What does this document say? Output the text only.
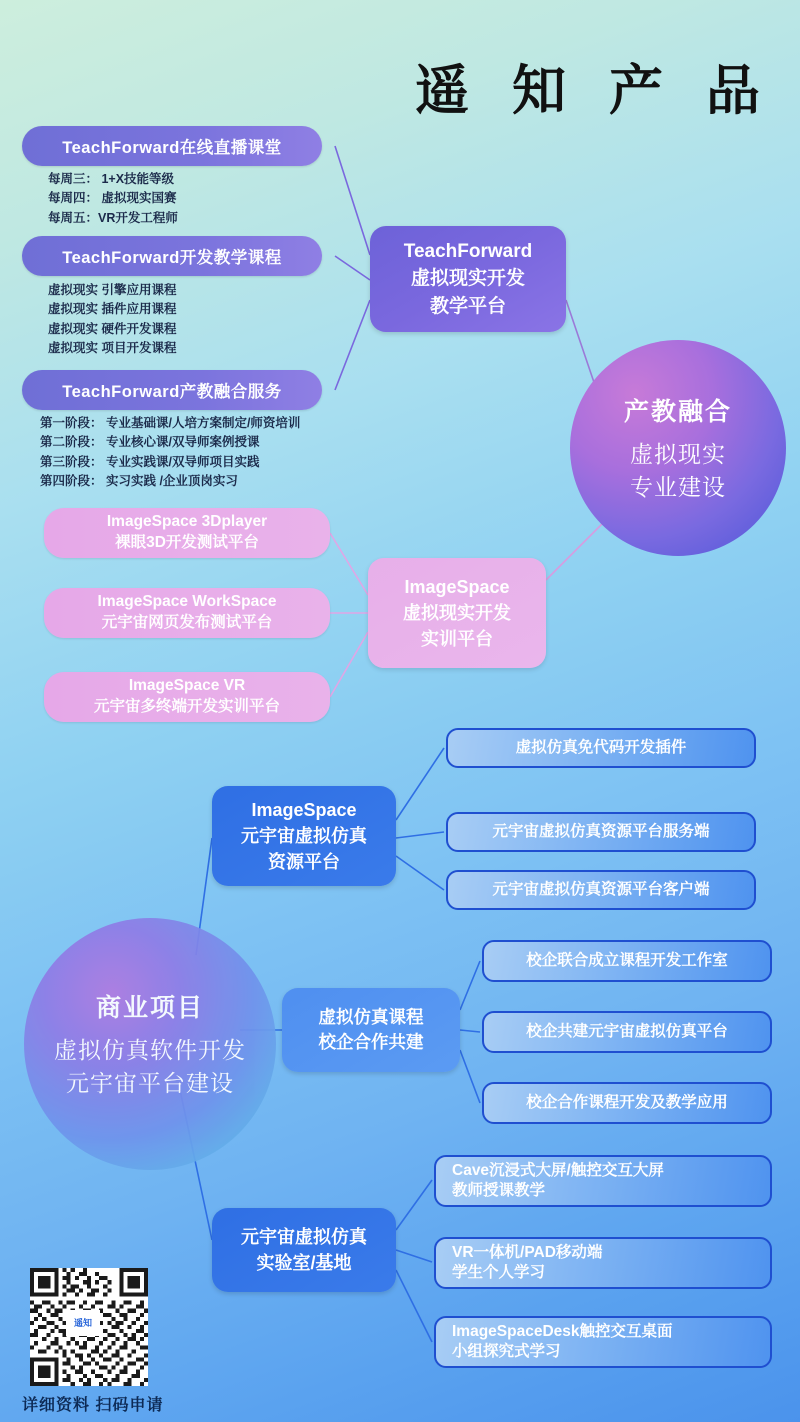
遥 知 产 品
TeachForward在线直播课堂
每周三： 1+X技能等级
每周四： 虚拟现实国赛
每周五：VR开发工程师
TeachForward开发教学课程
虚拟现实 引擎应用课程
虚拟现实 插件应用课程
虚拟现实 硬件开发课程
虚拟现实 项目开发课程
TeachForward产教融合服务
第一阶段： 专业基础课/人培方案制定/师资培训
第二阶段： 专业核心课/双导师案例授课
第三阶段： 专业实践课/双导师项目实践
第四阶段： 实习实践 /企业顶岗实习
TeachForward
虚拟现实开发
教学平台
产教融合
虚拟现实
专业建设
ImageSpace 3Dplayer
裸眼3D开发测试平台
ImageSpace WorkSpace
元宇宙网页发布测试平台
ImageSpace VR
元宇宙多终端开发实训平台
ImageSpace
虚拟现实开发
实训平台
商业项目
虚拟仿真软件开发
元宇宙平台建设
ImageSpace
元宇宙虚拟仿真
资源平台
虚拟仿真免代码开发插件
元宇宙虚拟仿真资源平台服务端
元宇宙虚拟仿真资源平台客户端
虚拟仿真课程
校企合作共建
校企联合成立课程开发工作室
校企共建元宇宙虚拟仿真平台
校企合作课程开发及教学应用
元宇宙虚拟仿真
实验室/基地
Cave沉浸式大屏/触控交互大屏
教师授课教学
VR一体机/PAD移动端
学生个人学习
ImageSpaceDesk触控交互桌面
小组探究式学习
遥知
详细资料 扫码申请
